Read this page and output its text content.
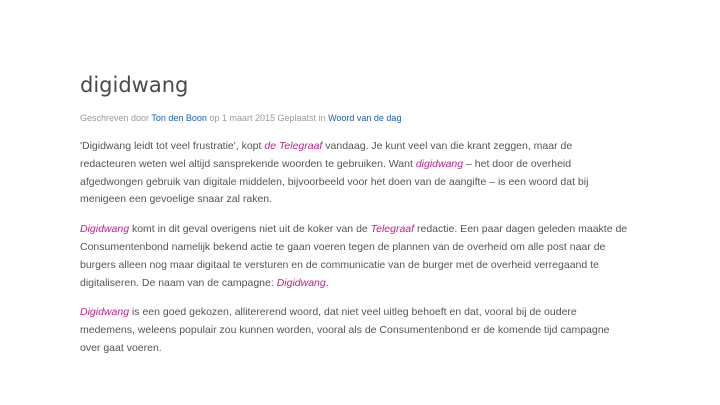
digidwang
Geschreven door Ton den Boon op 1 maart 2015 Geplaatst in Woord van de dag

'Digidwang leidt tot veel frustratie', kopt de Telegraaf vandaag. Je kunt veel van die krant zeggen, maar de redacteuren weten wel altijd sansprekende woorden te gebruiken. Want digidwang – het door de overheid afgedwongen gebruik van digitale middelen, bijvoorbeeld voor het doen van de aangifte – is een woord dat bij menigeen een gevoelige snaar zal raken.

Digidwang komt in dit geval overigens niet uit de koker van de Telegraaf redactie. Een paar dagen geleden maakte de Consumentenbond namelijk bekend actie te gaan voeren tegen de plannen van de overheid om alle post naar de burgers alleen nog maar digitaal te versturen en de communicatie van de burger met de overheid verregaand te digitaliseren. De naam van de campagne: Digidwang.

Digidwang is een goed gekozen, allitererend woord, dat niet veel uitleg behoeft en dat, vooral bij de oudere medemens, weleens populair zou kunnen worden, vooral als de Consumentenbond er de komende tijd campagne over gaat voeren.
